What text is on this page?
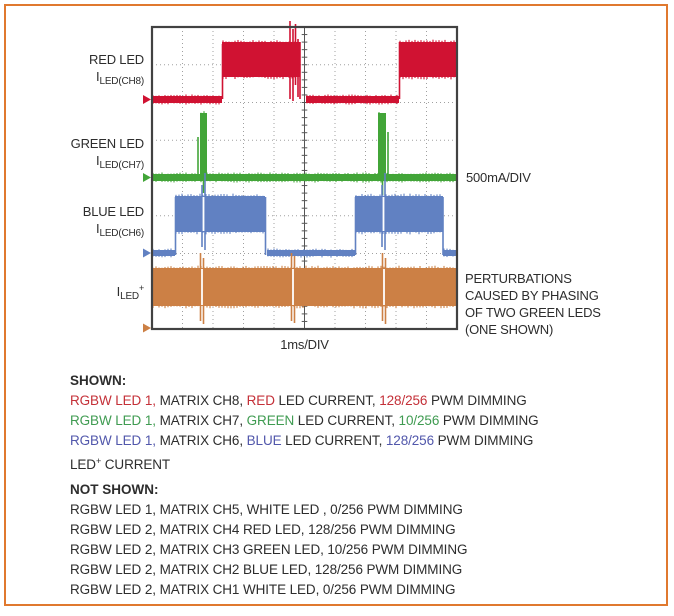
RED LED
$I_{LED(CH8)}$
GREEN LED
$I_{LED(CH7)}$
BLUE LED
$I_{LED(CH6)}$
$I_{LED}^+$
500mA/DIV
PERTURBATIONS
CAUSED BY PHASING
OF TWO GREEN LEDS
(ONE SHOWN)
1ms/DIV
SHOWN:
RGBW LED 1, MATRIX CH8, RED LED CURRENT, 128/256 PWM DIMMING
RGBW LED 1, MATRIX CH7, GREEN LED CURRENT, 10/256 PWM DIMMING
RGBW LED 1, MATRIX CH6, BLUE LED CURRENT, 128/256 PWM DIMMING
LED+ CURRENT
NOT SHOWN:
RGBW LED 1, MATRIX CH5, WHITE LED , 0/256 PWM DIMMING
RGBW LED 2, MATRIX CH4 RED LED, 128/256 PWM DIMMING
RGBW LED 2, MATRIX CH3 GREEN LED, 10/256 PWM DIMMING
RGBW LED 2, MATRIX CH2 BLUE LED, 128/256 PWM DIMMING
RGBW LED 2, MATRIX CH1 WHITE LED, 0/256 PWM DIMMING
